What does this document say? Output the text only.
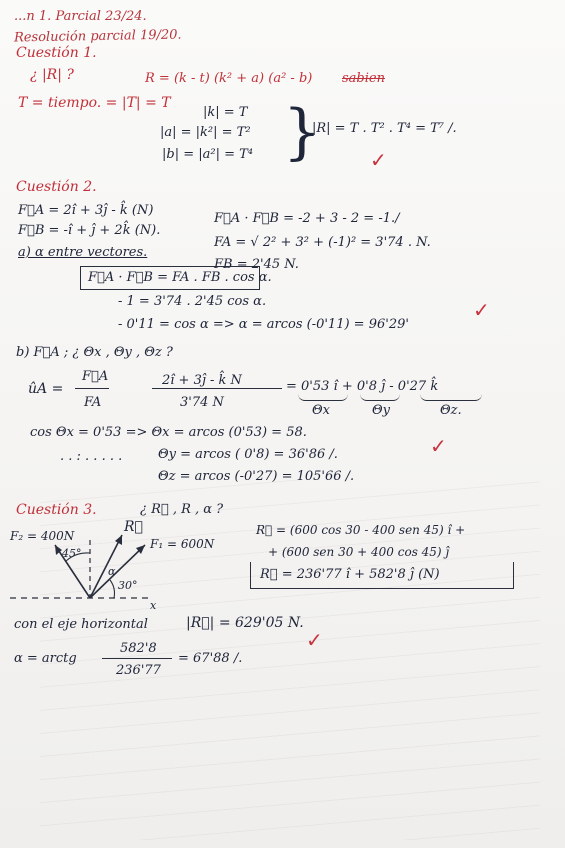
...n 1. Parcial 23/24.
Resolución parcial 19/20.
Cuestión 1.
¿ |R| ?	R = (k - t) (k² + a) (a² - b) sabien
T = tiempo. = |T| = T
|k| = T
|a| = |k²| = T²
|b| = |a²| = T⁴ }
|R| = T . T² . T⁴ = T⁷ /.
✓
Cuestión 2.
F⃗A = 2î + 3ĵ - k̂ (N)
F⃗B = -î + ĵ + 2k̂ (N).
F⃗A · F⃗B = -2 + 3 - 2 = -1./
FA = √ 2² + 3² + (-1)² = 3'74 . N.
a) α entre vectores.
FB = 2'45 N.
F⃗A · F⃗B = FA . FB . cos α.
- 1 = 3'74 . 2'45 cos α.
- 0'11 = cos α => α = arcos (-0'11) = 96'29'
✓
b) F⃗A ; ¿ Θx , Θy , Θz ?
ûA =
F⃗A
FA
2î + 3ĵ - k̂ N
3'74 N
= 0'53 î + 0'8 ĵ - 0'27 k̂
Θx	Θy	Θz.
cos Θx = 0'53 => Θx = arcos (0'53) = 58.
. . : . . . . .	Θy = arcos ( 0'8) = 36'86 /.
Θz = arcos (-0'27) = 105'66 /.
✓
Cuestión 3.	¿ R⃗ , R , α ?
F₂ = 400N
F₁ = 600N
45°
30°
R⃗
α
x
R⃗ = (600 cos 30 - 400 sen 45) î +
+ (600 sen 30 + 400 cos 45) ĵ
R⃗ = 236'77 î + 582'8 ĵ (N)
con el eje horizontal	|R⃗| = 629'05 N.
✓
α = arctg
582'8
236'77
= 67'88 /.
